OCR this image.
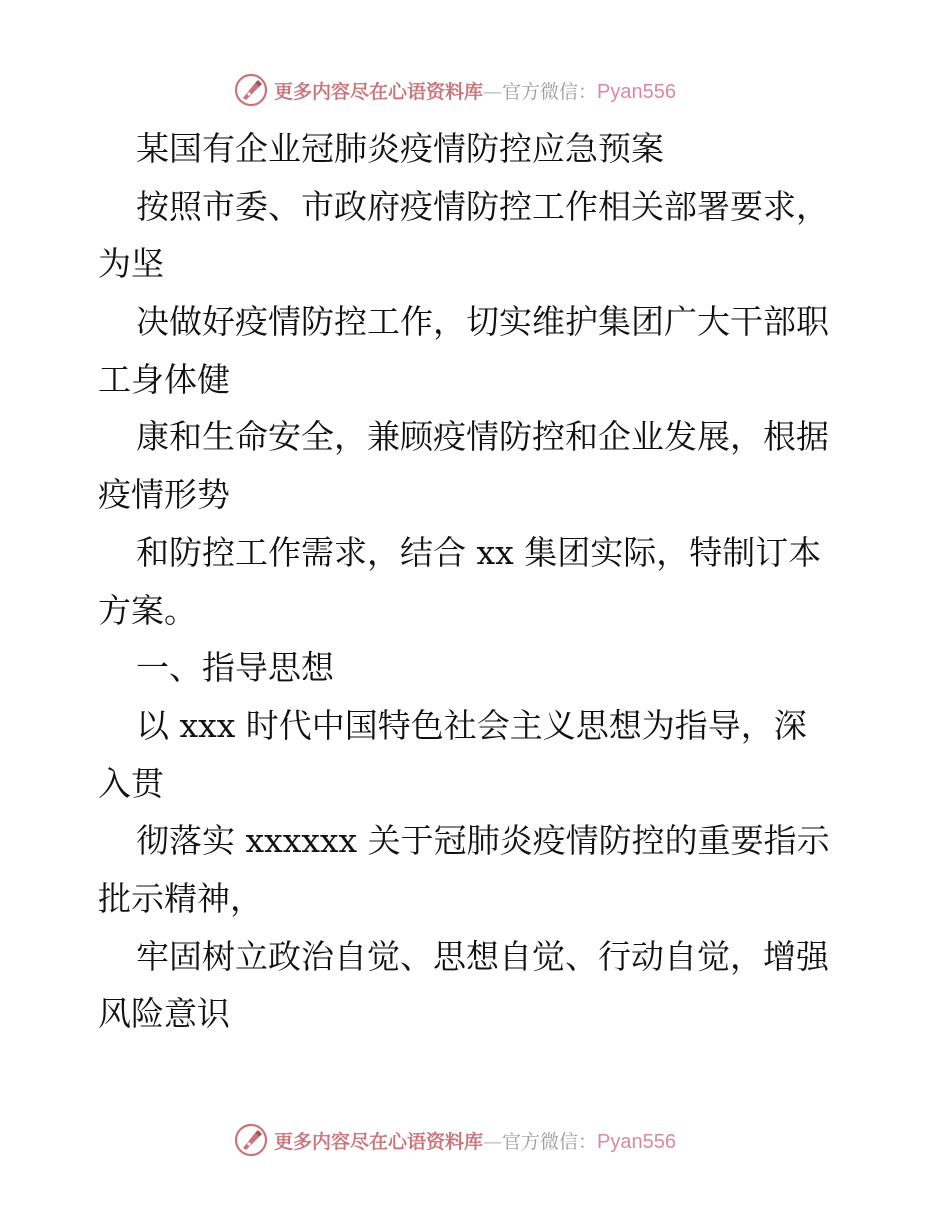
更多内容尽在心语资料库—官方微信：Pyan556
某国有企业冠肺炎疫情防控应急预案
按照市委、市政府疫情防控工作相关部署要求，
为坚
决做好疫情防控工作，切实维护集团广大干部职
工身体健
康和生命安全，兼顾疫情防控和企业发展，根据
疫情形势
和防控工作需求，结合 xx 集团实际，特制订本
方案。
一、指导思想
以 xxx 时代中国特色社会主义思想为指导，深
入贯
彻落实 xxxxxx 关于冠肺炎疫情防控的重要指示
批示精神，
牢固树立政治自觉、思想自觉、行动自觉，增强
风险意识
更多内容尽在心语资料库—官方微信：Pyan556
